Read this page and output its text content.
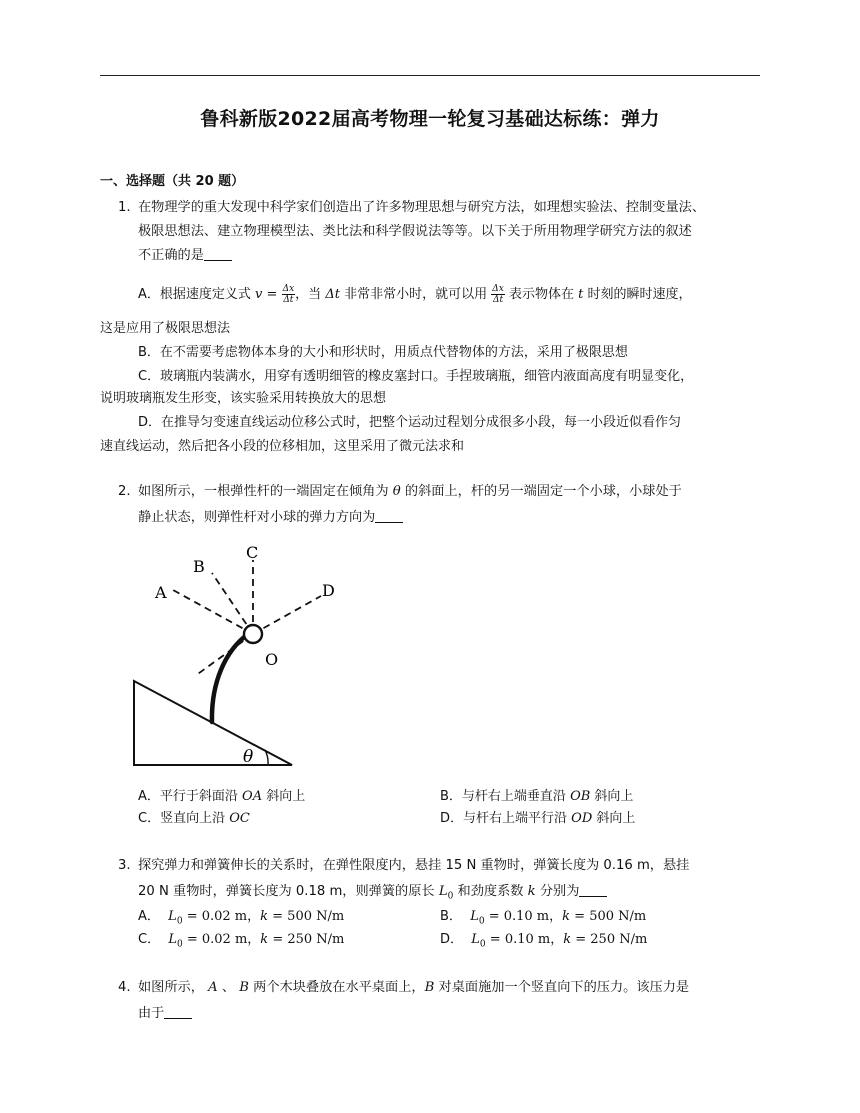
鲁科新版2022届高考物理一轮复习基础达标练：弹力
一、选择题（共 20 题）
1. 在物理学的重大发现中科学家们创造出了许多物理思想与研究方法，如理想实验法、控制变量法、
极限思想法、建立物理模型法、类比法和科学假说法等等。以下关于所用物理学研究方法的叙述
不正确的是
A．根据速度定义式 $v = \frac{\Delta x}{\Delta t}$ ，当 Δt 非常非常小时，就可以用 $\frac{\Delta x}{\Delta t}$ 表示物体在 t 时刻的瞬时速度，
这是应用了极限思想法
B．在不需要考虑物体本身的大小和形状时，用质点代替物体的方法，采用了极限思想
C．玻璃瓶内装满水，用穿有透明细管的橡皮塞封口。手捏玻璃瓶，细管内液面高度有明显变化，
说明玻璃瓶发生形变，该实验采用转换放大的思想
D．在推导匀变速直线运动位移公式时，把整个运动过程划分成很多小段，每一小段近似看作匀
速直线运动，然后把各小段的位移相加，这里采用了微元法求和
2. 如图所示，一根弹性杆的一端固定在倾角为 θ 的斜面上，杆的另一端固定一个小球，小球处于
静止状态，则弹性杆对小球的弹力方向为
θ
A
B
C
D
O
A．平行于斜面沿 OA 斜向上	B．与杆右上端垂直沿 OB 斜向上
C．竖直向上沿 OC	D．与杆右上端平行沿 OD 斜向上
3. 探究弹力和弹簧伸长的关系时，在弹性限度内，悬挂 15 N 重物时，弹簧长度为 0.16 m，悬挂
20 N 重物时，弹簧长度为 0.18 m，则弹簧的原长 $L_0$ 和劲度系数 k 分别为
A． $L_0 = 0.02$ m，k = 500 N/m	B． $L_0 = 0.10$ m，k = 500 N/m
C． $L_0 = 0.02$ m，k = 250 N/m	D． $L_0 = 0.10$ m，k = 250 N/m
4. 如图所示， A 、 B 两个木块叠放在水平桌面上，B 对桌面施加一个竖直向下的压力。该压力是
由于
